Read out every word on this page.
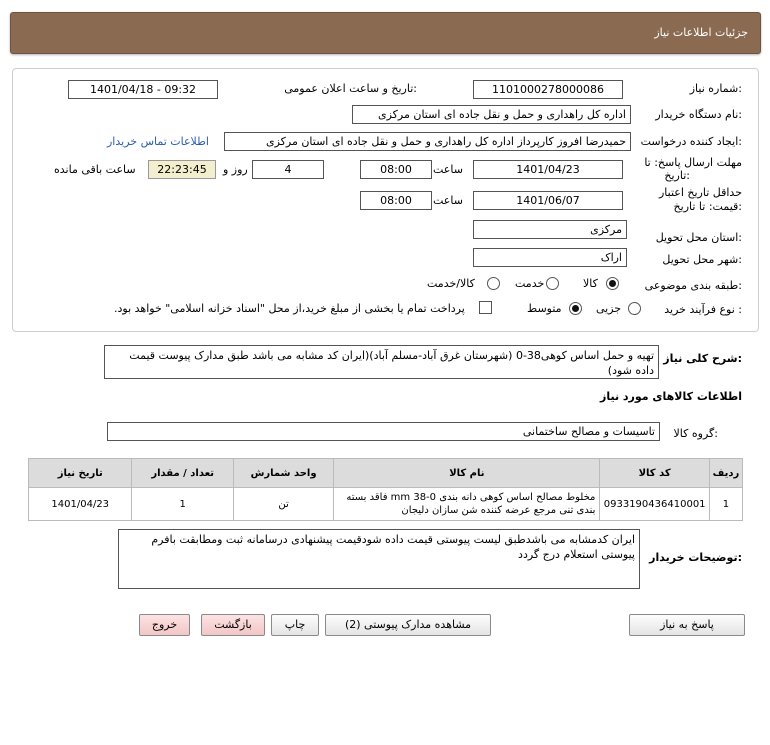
جزئیات اطلاعات نیاز
شماره نیاز:
1101000278000086
تاریخ و ساعت اعلان عمومی:
1401/04/18 - 09:32
نام دستگاه خریدار:
اداره کل راهداری و حمل و نقل جاده ای استان مرکزی
ایجاد کننده درخواست:
حمیدرضا افروز کارپرداز اداره کل راهداری و حمل و نقل جاده ای استان مرکزی
اطلاعات تماس خریدار
مهلت ارسال پاسخ: تا
تاریخ:
1401/04/23
ساعت
08:00
4
روز و
22:23:45
ساعت باقی مانده
حداقل تاریخ اعتبار
قیمت: تا تاریخ:
1401/06/07
ساعت
08:00
استان محل تحویل:
مرکزی
شهر محل تحویل:
اراک
طبقه بندی موضوعی:
کالا
خدمت
کالا/خدمت
نوع فرآیند خرید :
جزیی
متوسط
پرداخت تمام یا بخشی از مبلغ خرید،از محل "اسناد خزانه اسلامی" خواهد بود.
شرح کلی نیاز:
تهیه و حمل اساس کوهی38-0 (شهرستان غرق آباد-مسلم آباد)(ایران کد مشابه می باشد طبق مدارک پیوست قیمت داده شود)
اطلاعات کالاهای مورد نیاز
گروه کالا:
تاسیسات و مصالح ساختمانی
ردیف	کد کالا	نام کالا	واحد شمارش	تعداد / مقدار	تاریخ نیاز
1	0933190436410001	مخلوط مصالح اساس کوهی دانه بندی mm 38-0 فاقد بسته بندی تنی مرجع عرضه کننده شن سازان دلیجان	تن	1	1401/04/23
توضیحات خریدار:
ایران کدمشابه می باشدطبق لیست پیوستی قیمت داده شودقیمت پیشنهادی درسامانه ثبت ومطابقت بافرم پیوستی استعلام درج گردد
پاسخ به نیاز
مشاهده مدارک پیوستی (2)
چاپ
بازگشت
خروج
